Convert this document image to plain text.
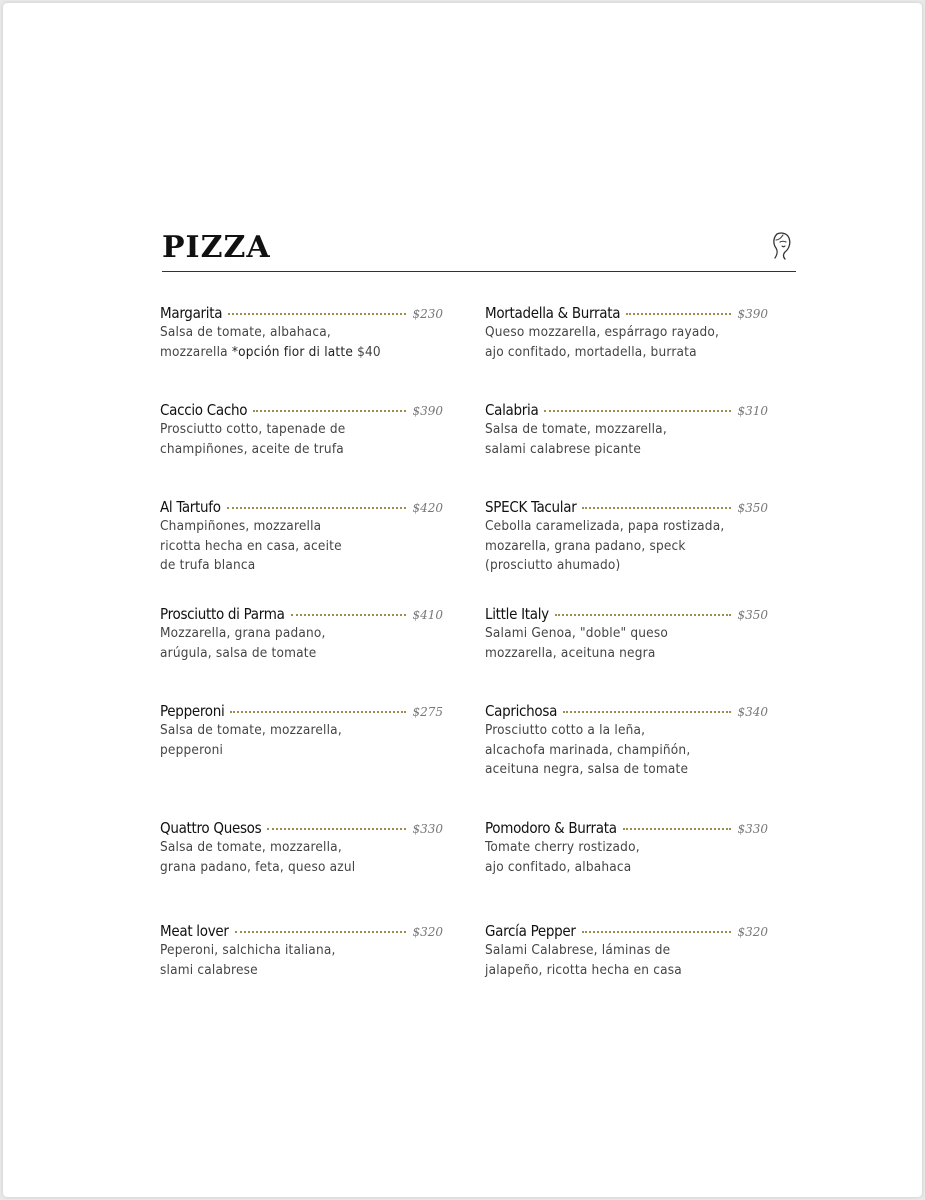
PIZZA
Margarita	$230

Salsa de tomate, albahaca,
mozzarella *opción fior di latte $40

Caccio Cacho	$390

Prosciutto cotto, tapenade de
champiñones, aceite de trufa

Al Tartufo	$420

Champiñones, mozzarella
ricotta hecha en casa, aceite
de trufa blanca

Prosciutto di Parma	$410

Mozzarella, grana padano,
arúgula, salsa de tomate

Pepperoni	$275

Salsa de tomate, mozzarella,
pepperoni

Quattro Quesos	$330

Salsa de tomate, mozzarella,
grana padano, feta, queso azul

Meat lover	$320

Peperoni, salchicha italiana,
slami calabrese

Mortadella & Burrata	$390

Queso mozzarella, espárrago rayado,
ajo confitado, mortadella, burrata

Calabria	$310

Salsa de tomate, mozzarella,
salami calabrese picante

SPECK Tacular	$350

Cebolla caramelizada, papa rostizada,
mozarella, grana padano, speck
(prosciutto ahumado)

Little Italy	$350

Salami Genoa, "doble" queso
mozzarella, aceituna negra

Caprichosa	$340

Prosciutto cotto a la leña,
alcachofa marinada, champiñón,
aceituna negra, salsa de tomate

Pomodoro & Burrata	$330

Tomate cherry rostizado,
ajo confitado, albahaca

García Pepper	$320

Salami Calabrese, láminas de
jalapeño, ricotta hecha en casa
